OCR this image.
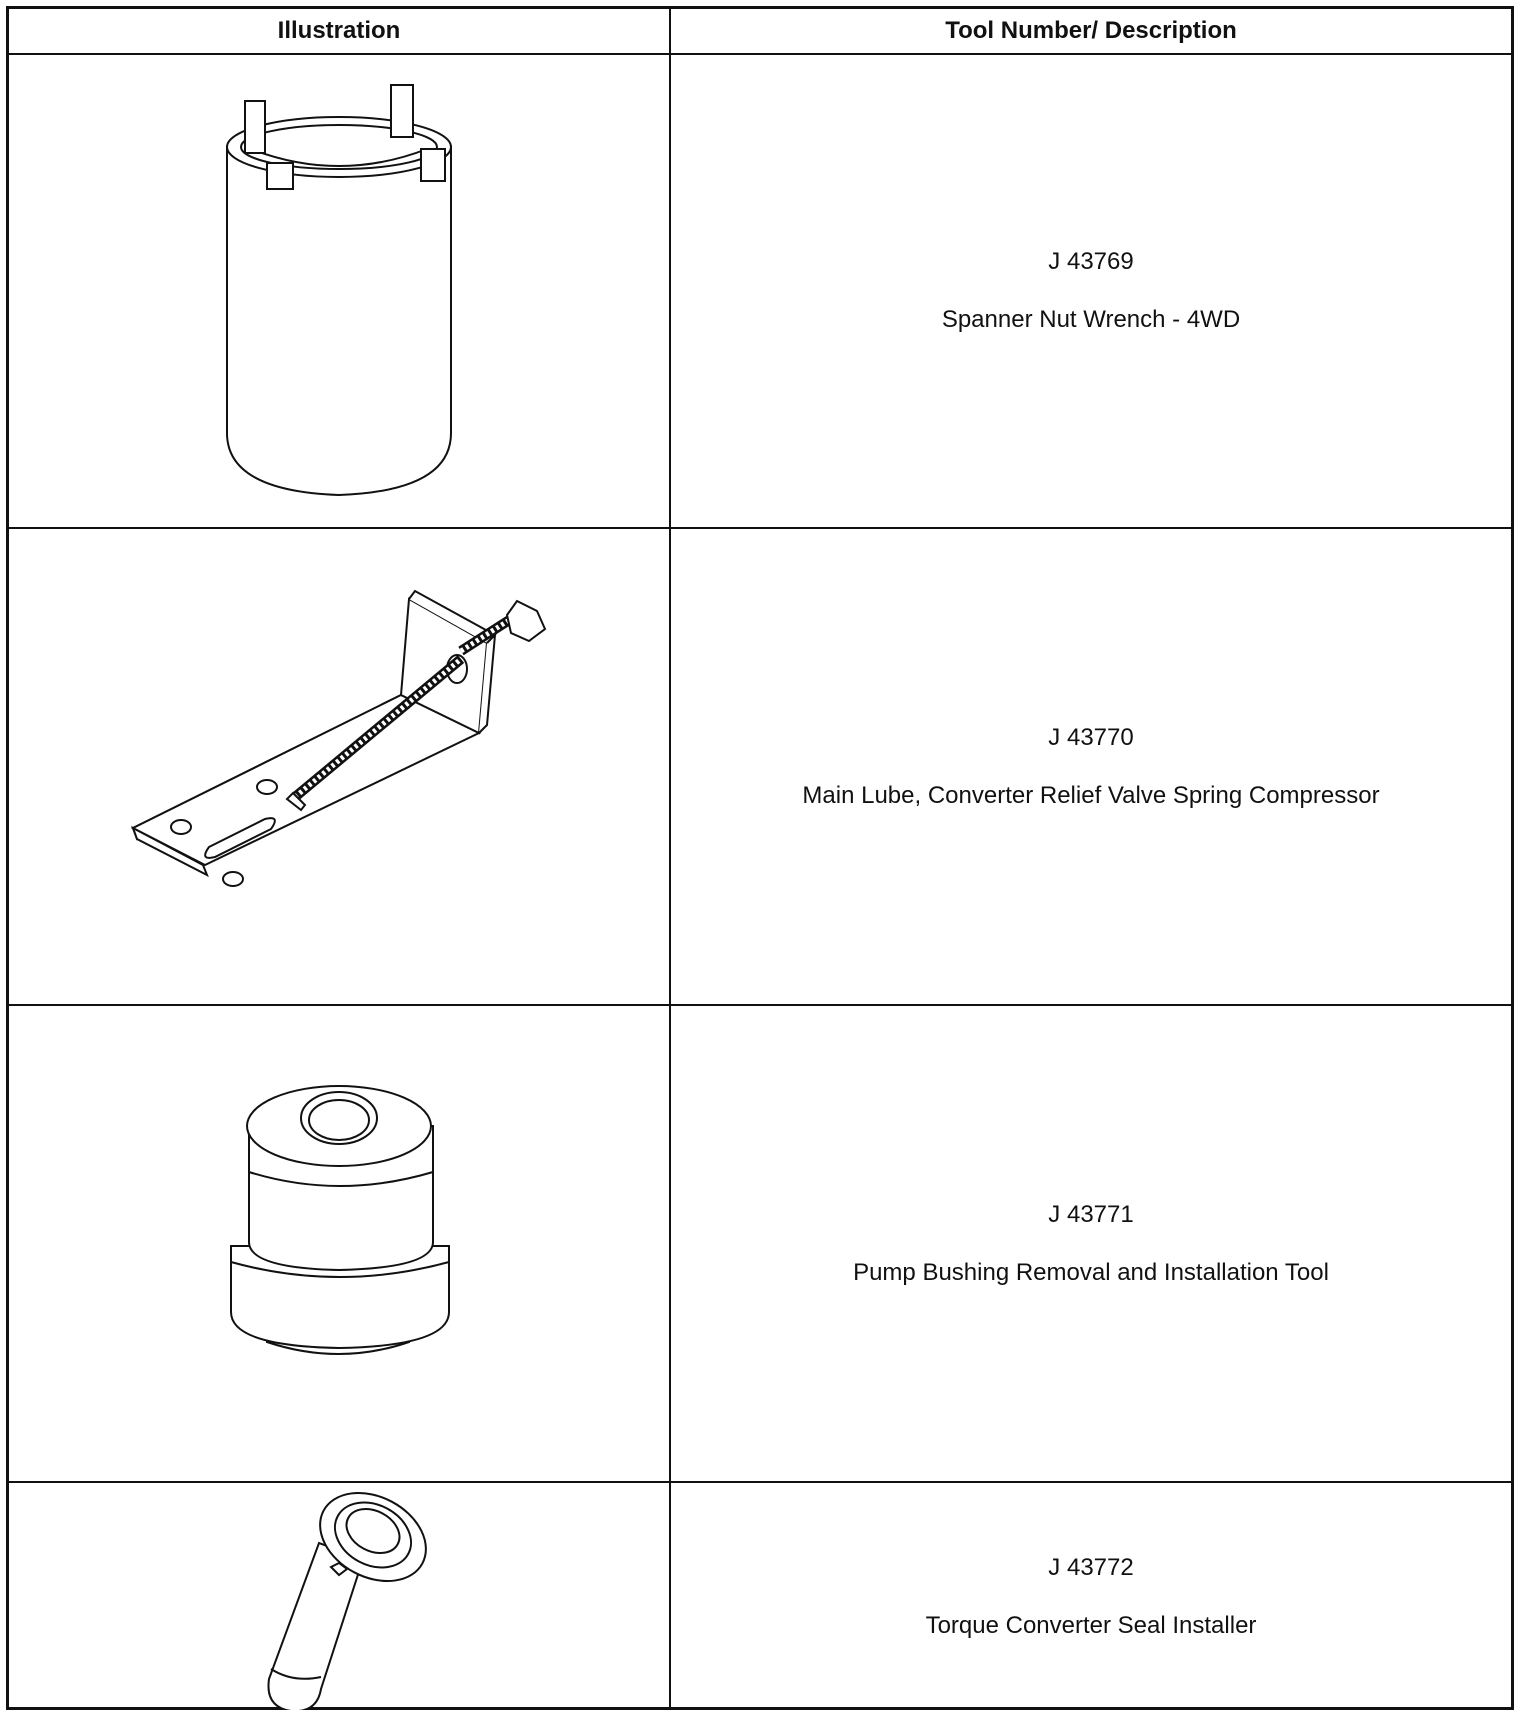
Illustration	Tool Number/ Description
J 43769
Spanner Nut Wrench - 4WD
J 43770
Main Lube, Converter Relief Valve Spring Compressor
J 43771
Pump Bushing Removal and Installation Tool
J 43772
Torque Converter Seal Installer
